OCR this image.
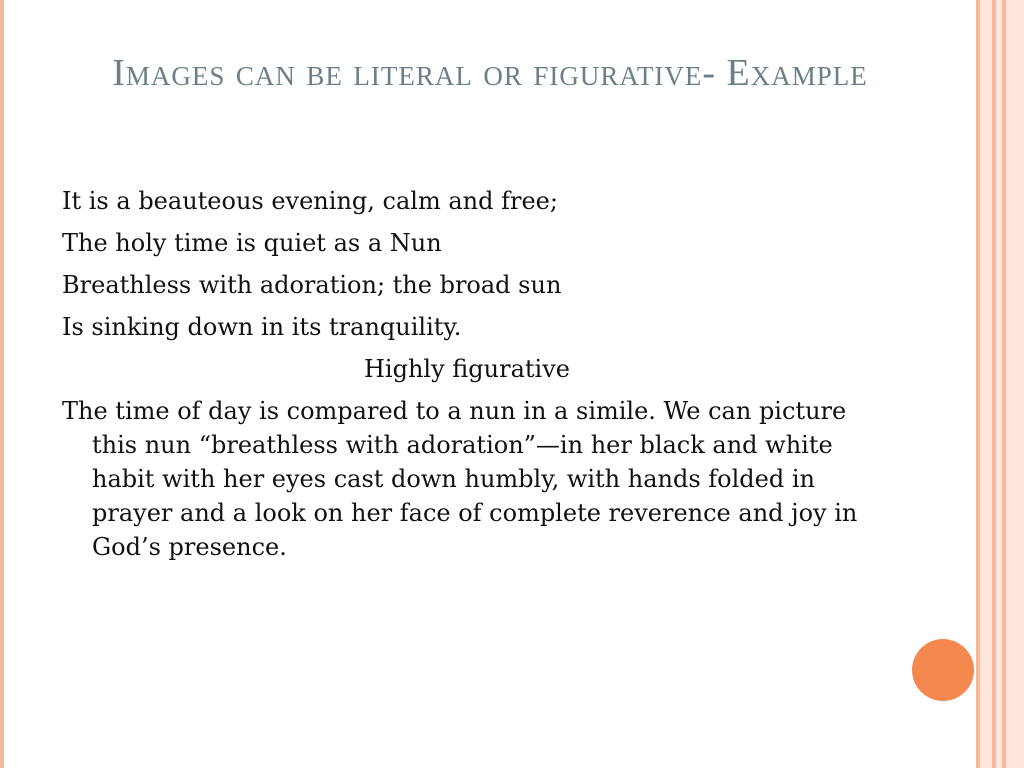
Images can be literal or figurative- Example
It is a beauteous evening, calm and free;
The holy time is quiet as a Nun
Breathless with adoration; the broad sun
Is sinking down in its tranquility.
Highly figurative
The time of day is compared to a nun in a simile. We can picture this nun “breathless with adoration”—in her black and white habit with her eyes cast down humbly, with hands folded in prayer and a look on her face of complete reverence and joy in God’s presence.
